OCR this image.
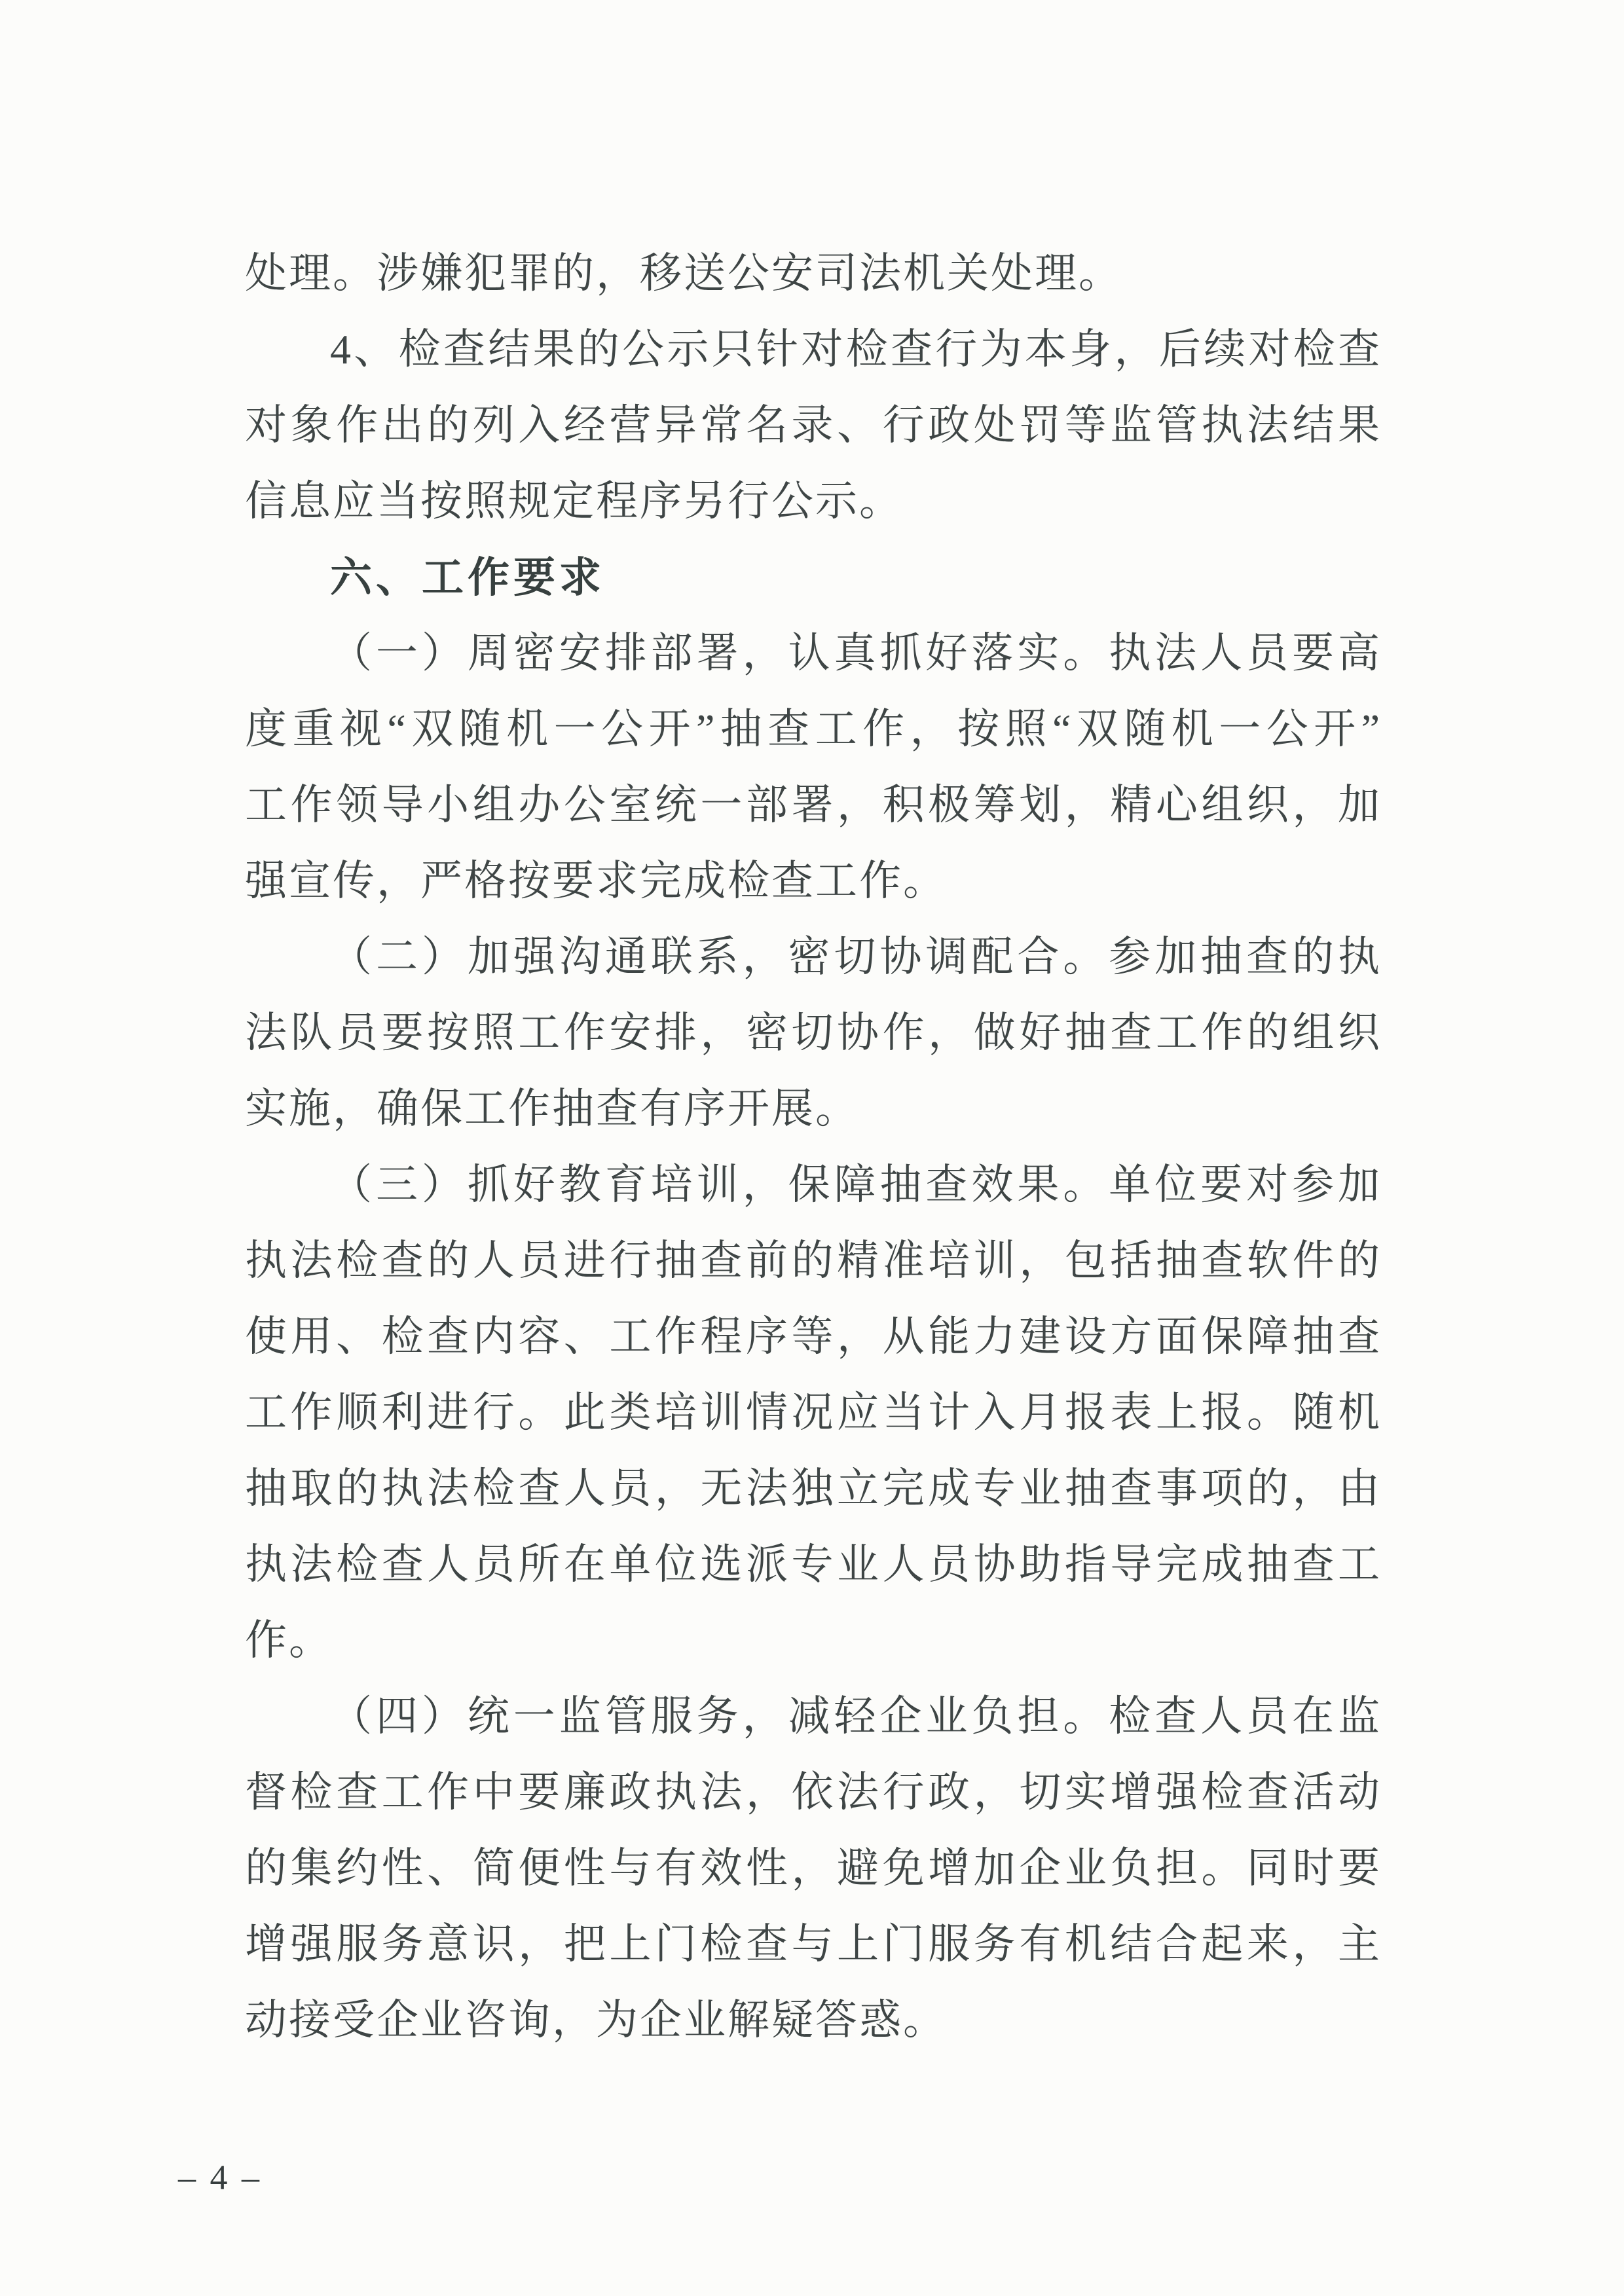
处理。涉嫌犯罪的，移送公安司法机关处理。
4、检查结果的公示只针对检查行为本身，后续对检查
对象作出的列入经营异常名录、行政处罚等监管执法结果
信息应当按照规定程序另行公示。
六、工作要求
（一）周密安排部署，认真抓好落实。执法人员要高
度重视“双随机一公开”抽查工作，按照“双随机一公开”
工作领导小组办公室统一部署，积极筹划，精心组织，加
强宣传，严格按要求完成检查工作。
（二）加强沟通联系，密切协调配合。参加抽查的执
法队员要按照工作安排，密切协作，做好抽查工作的组织
实施，确保工作抽查有序开展。
（三）抓好教育培训，保障抽查效果。单位要对参加
执法检查的人员进行抽查前的精准培训，包括抽查软件的
使用、检查内容、工作程序等，从能力建设方面保障抽查
工作顺利进行。此类培训情况应当计入月报表上报。随机
抽取的执法检查人员，无法独立完成专业抽查事项的，由
执法检查人员所在单位选派专业人员协助指导完成抽查工
作。
（四）统一监管服务，减轻企业负担。检查人员在监
督检查工作中要廉政执法，依法行政，切实增强检查活动
的集约性、简便性与有效性，避免增加企业负担。同时要
增强服务意识，把上门检查与上门服务有机结合起来，主
动接受企业咨询，为企业解疑答惑。
– 4 –
